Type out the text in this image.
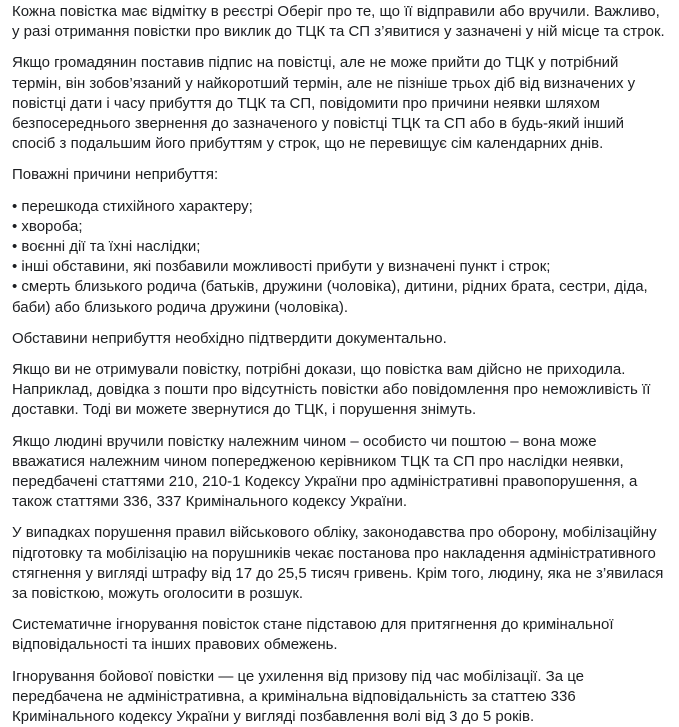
Кожна повістка має відмітку в реєстрі Оберіг про те, що її відправили або вручили. Важливо, у разі отримання повістки про виклик до ТЦК та СП з’явитися у зазначені у ній місце та строк.

Якщо громадянин поставив підпис на повістці, але не може прийти до ТЦК у потрібний термін, він зобов’язаний у найкоротший термін, але не пізніше трьох діб від визначених у повістці дати і часу прибуття до ТЦК та СП, повідомити про причини неявки шляхом безпосереднього звернення до зазначеного у повістці ТЦК та СП або в будь-який інший спосіб з подальшим його прибуттям у строк, що не перевищує сім календарних днів.

Поважні причини неприбуття:

• перешкода стихійного характеру;
• хвороба;
• воєнні дії та їхні наслідки;
• інші обставини, які позбавили можливості прибути у визначені пункт і строк;
• смерть близького родича (батьків, дружини (чоловіка), дитини, рідних брата, сестри, діда, баби) або близького родича дружини (чоловіка).

Обставини неприбуття необхідно підтвердити документально.

Якщо ви не отримували повістку, потрібні докази, що повістка вам дійсно не приходила. Наприклад, довідка з пошти про відсутність повістки або повідомлення про неможливість її доставки. Тоді ви можете звернутися до ТЦК, і порушення знімуть.

Якщо людині вручили повістку належним чином – особисто чи поштою – вона може вважатися належним чином попередженою керівником ТЦК та СП про наслідки неявки, передбачені статтями 210, 210-1 Кодексу України про адміністративні правопорушення, а також статтями 336, 337 Кримінального кодексу України.

У випадках порушення правил військового обліку, законодавства про оборону, мобілізаційну підготовку та мобілізацію на порушників чекає постанова про накладення адміністративного стягнення у вигляді штрафу від 17 до 25,5 тисяч гривень. Крім того, людину, яка не з’явилася за повісткою, можуть оголосити в розшук.

Систематичне ігнорування повісток стане підставою для притягнення до кримінальної відповідальності та інших правових обмежень.

Ігнорування бойової повістки — це ухилення від призову під час мобілізації. За це передбачена не адміністративна, а кримінальна відповідальність за статтею 336 Кримінального кодексу України у вигляді позбавлення волі від 3 до 5 років.
